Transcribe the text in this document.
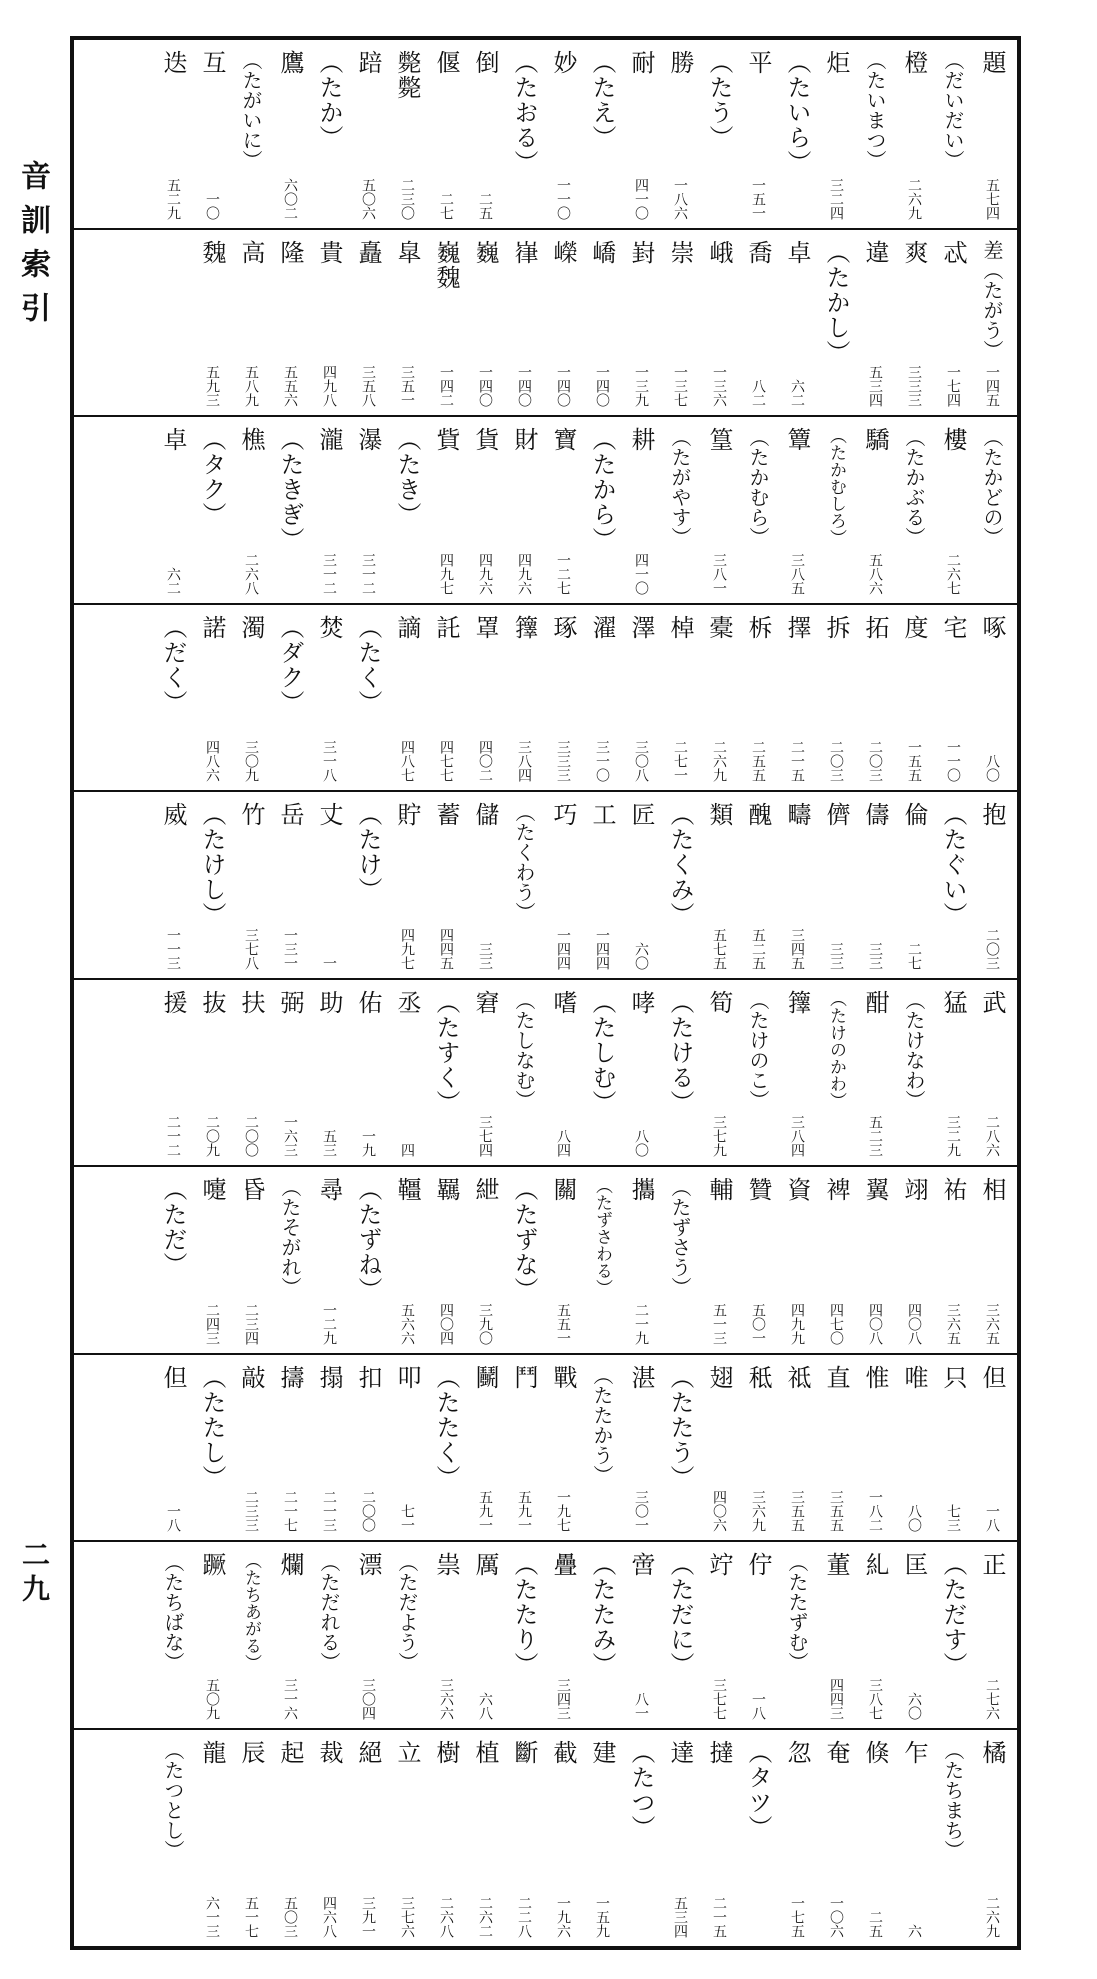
音訓索引
二九
題
五七四
（だいだい）
橙
二六九
（たいまつ）
炬
三二四
（たいら）
平
一五一
（たう）
勝
一八六
耐
四一〇
（たえ）
妙
一一〇
（たおる）
倒
二五
偃
二七
斃斃
二三〇
踣
五〇六
（たか）
鷹
六〇二
（たがいに）
互
一〇
迭
五二九
差（たがう）
一四五
忒
一七四
爽
三三三
違
五三四
（たかし）
卓
六二
喬
八二
峨
一三六
崇
一三七
崶
一三九
嶠
一四〇
嶸
一四〇
嵂
一四〇
巍
一四〇
巍魏
一四二
皐
三五一
矗
三五八
貴
四九八
隆
五五六
高
五八九
魏
五九三
（たかどの）
樓
二六七
（たかぶる）
驕
五八六
（たかむしろ）
簟
三八五
（たかむら）
篁
三八一
（たがやす）
耕
四一〇
（たから）
寶
一二七
財
四九六
貨
四九六
貲
四九七
（たき）
瀑
三一二
瀧
三一二
（たきぎ）
樵
二六八
（タク）
卓
六二
啄
八〇
宅
一一〇
度
一五五
拓
二〇三
拆
二〇三
擇
二一五
柝
二五五
橐
二六九
棹
二七一
澤
三〇八
濯
三一〇
琢
三三三
籜
三八四
罩
四〇二
託
四七七
謫
四八七
（たく）
焚
三一八
（ダク）
濁
三〇九
諾
四八六
（だく）
抱
二〇三
（たぐい）
倫
二七
儔
三三
儕
三三
疇
三四五
醜
五二五
類
五七五
（たくみ）
匠
六〇
工
一四四
巧
一四四
（たくわう）
儲
三三
蓄
四四五
貯
四九七
（たけ）
丈
一
岳
一三一
竹
三七八
（たけし）
威
一一三
武
二八六
猛
三二九
（たけなわ）
酣
五二三
（たけのかわ）
籜
三八四
（たけのこ）
筍
三七九
（たける）
哮
八〇
（たしむ）
嗜
八四
（たしなむ）
窘
三七四
（たすく）
丞
四
佑
一九
助
五三
弼
一六三
扶
二〇〇
抜
二〇九
援
二一二
相
三六五
祐
三六五
翊
四〇八
翼
四〇八
裨
四七〇
資
四九九
贊
五〇一
輔
五一三
（たずさう）
攜
二一九
（たずさわる）
關
五五一
（たずな）
紲
三九〇
羈
四〇四
韁
五六六
（たずね）
尋
一二九
（たそがれ）
昏
二三四
嚏
二四三
（ただ）
但
一八
只
七三
唯
八〇
惟
一八二
直
三五五
祗
三五五
秪
三六九
翅
四〇六
（たたう）
湛
三〇一
（たたかう）
戰
一九七
鬥
五九一
鬭
五九一
（たたく）
叩
七一
扣
二〇〇
搨
二一三
擣
二一七
敲
二三三
（たたし）
但
一八
正
二七六
（ただす）
匡
六〇
糺
三八七
董
四四三
（たたずむ）
佇
一八
竚
三七七
（ただに）
啻
八一
（たたみ）
疊
三四三
（たたり）
厲
六八
祟
三六六
（ただよう）
漂
三〇四
（ただれる）
爛
三一六
（たちあがる）
蹶
五〇九
（たちばな）
橘
二六九
（たちまち）
乍
六
倏
二五
奄
一〇六
忽
一七五
（タツ）
撻
二一五
達
五三四
（たつ）
建
一五九
截
一九六
斷
二二八
植
二六二
樹
二六八
立
三七六
絕
三九一
裁
四六八
起
五〇三
辰
五一七
龍
六一三
（たつとし）
